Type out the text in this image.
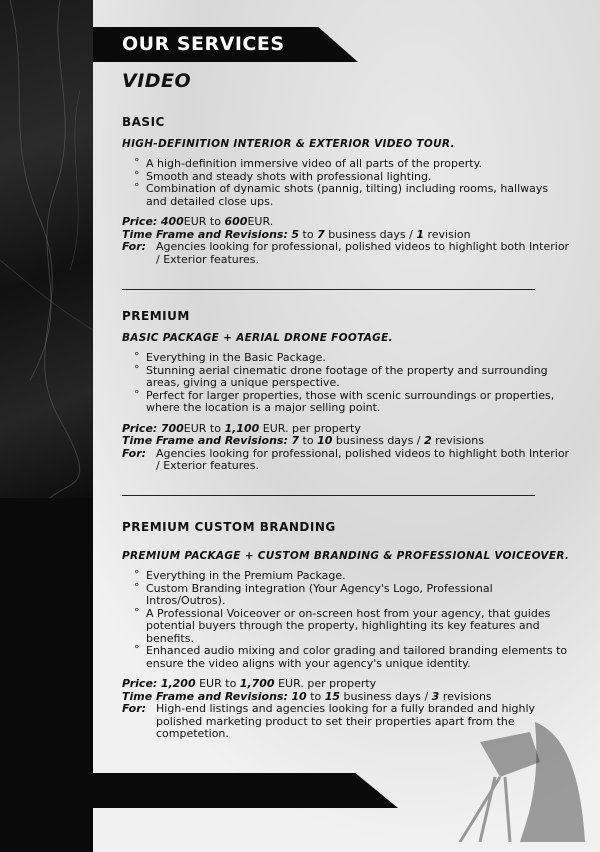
OUR SERVICES
VIDEO
BASIC
HIGH-DEFINITION INTERIOR & EXTERIOR VIDEO TOUR.
° A high-definition immersive video of all parts of the property.
° Smooth and steady shots with professional lighting.
° Combination of dynamic shots (pannig, tilting) including rooms, hallways and detailed close ups.
Price: 400EUR to 600EUR.
Time Frame and Revisions: 5 to 7 business days / 1 revision
For: Agencies looking for professional, polished videos to highlight both Interior / Exterior features.
PREMIUM
BASIC PACKAGE + AERIAL DRONE FOOTAGE.
° Everything in the Basic Package.
° Stunning aerial cinematic drone footage of the property and surrounding areas, giving a unique perspective.
° Perfect for larger properties, those with scenic surroundings or properties, where the location is a major selling point.
Price: 700EUR to 1,100 EUR. per property
Time Frame and Revisions: 7 to 10 business days / 2 revisions
For: Agencies looking for professional, polished videos to highlight both Interior / Exterior features.
PREMIUM CUSTOM BRANDING
PREMIUM PACKAGE + CUSTOM BRANDING & PROFESSIONAL VOICEOVER.
° Everything in the Premium Package.
° Custom Branding integration (Your Agency's Logo, Professional Intros/Outros).
° A Professional Voiceover or on-screen host from your agency, that guides potential buyers through the property, highlighting its key features and benefits.
° Enhanced audio mixing and color grading and tailored branding elements to ensure the video aligns with your agency's unique identity.
Price: 1,200 EUR to 1,700 EUR. per property
Time Frame and Revisions: 10 to 15 business days / 3 revisions
For: High-end listings and agencies looking for a fully branded and highly polished marketing product to set their properties apart from the competetion.
